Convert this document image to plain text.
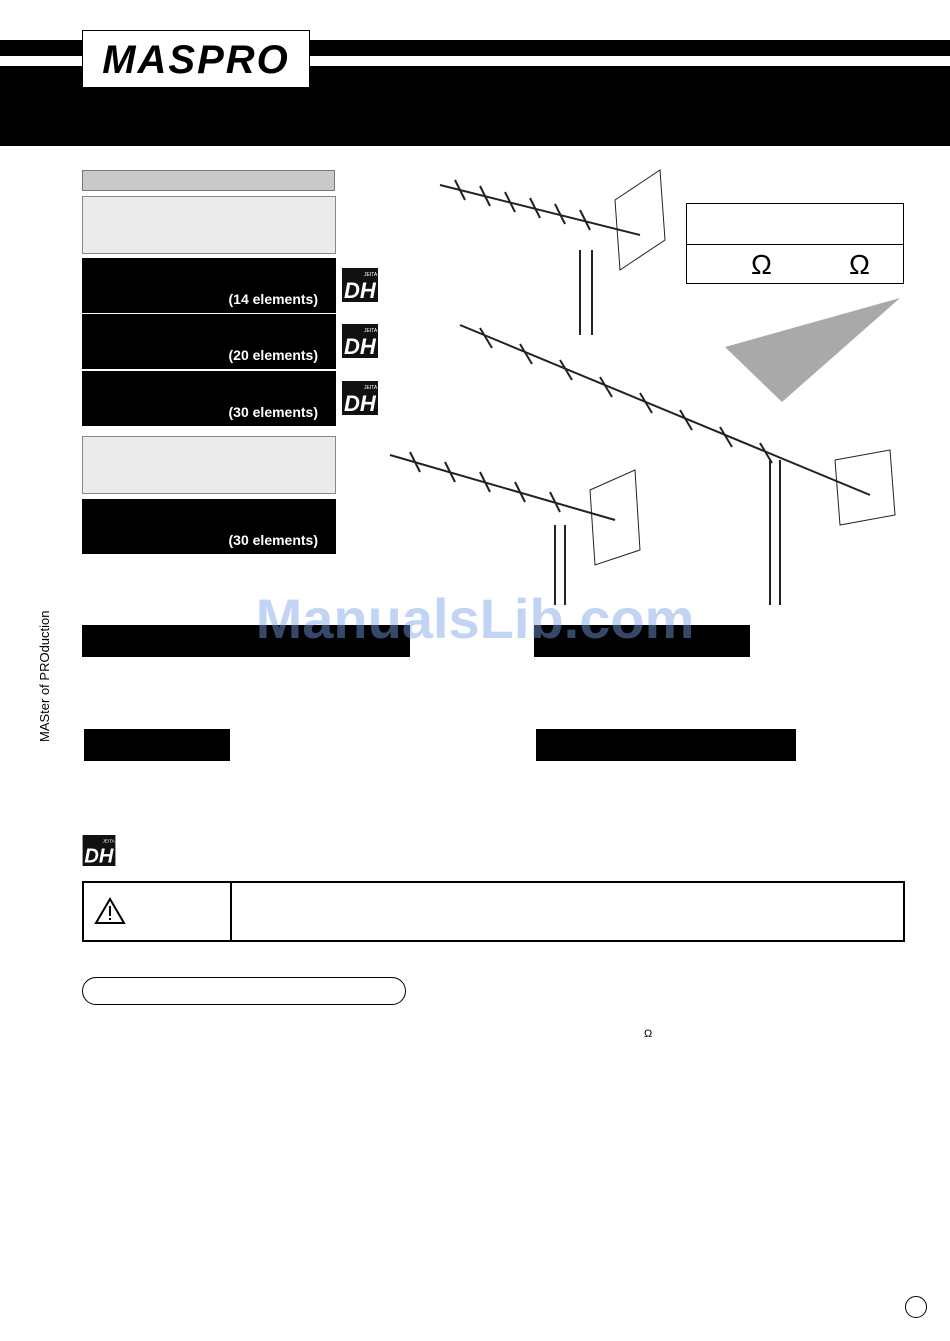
MASPRO
(14 elements)
(20 elements)
(30 elements)
(30 elements)
JEITA
DH
JEITA
DH
JEITA
DH
Ω	Ω
ManualsLib.com
MASter of PROduction
JEITA
DH
Ω
